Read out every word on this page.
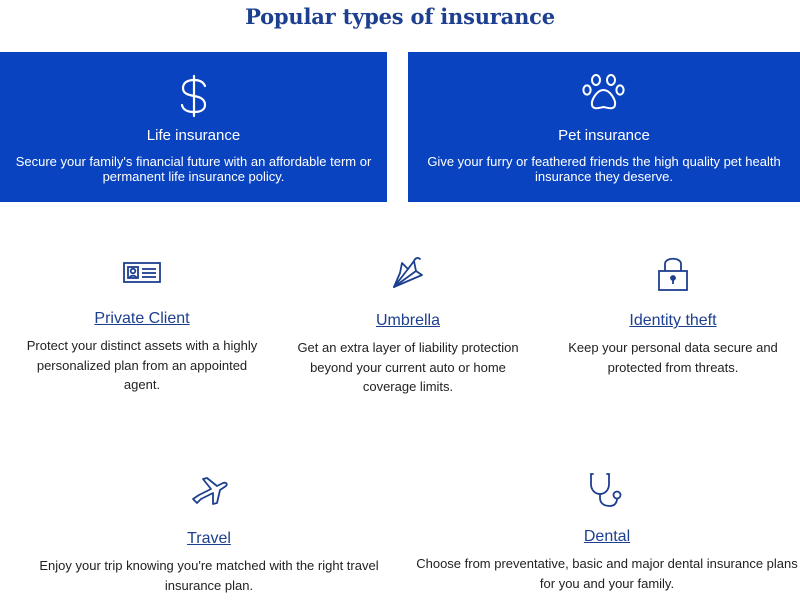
Popular types of insurance
Life insurance
Secure your family's financial future with an affordable term or permanent life insurance policy.
Pet insurance
Give your furry or feathered friends the high quality pet health insurance they deserve.
Private Client
Protect your distinct assets with a highly personalized plan from an appointed agent.
Umbrella
Get an extra layer of liability protection beyond your current auto or home coverage limits.
Identity theft
Keep your personal data secure and protected from threats.
Travel
Enjoy your trip knowing you're matched with the right travel insurance plan.
Dental
Choose from preventative, basic and major dental insurance plans for you and your family.
